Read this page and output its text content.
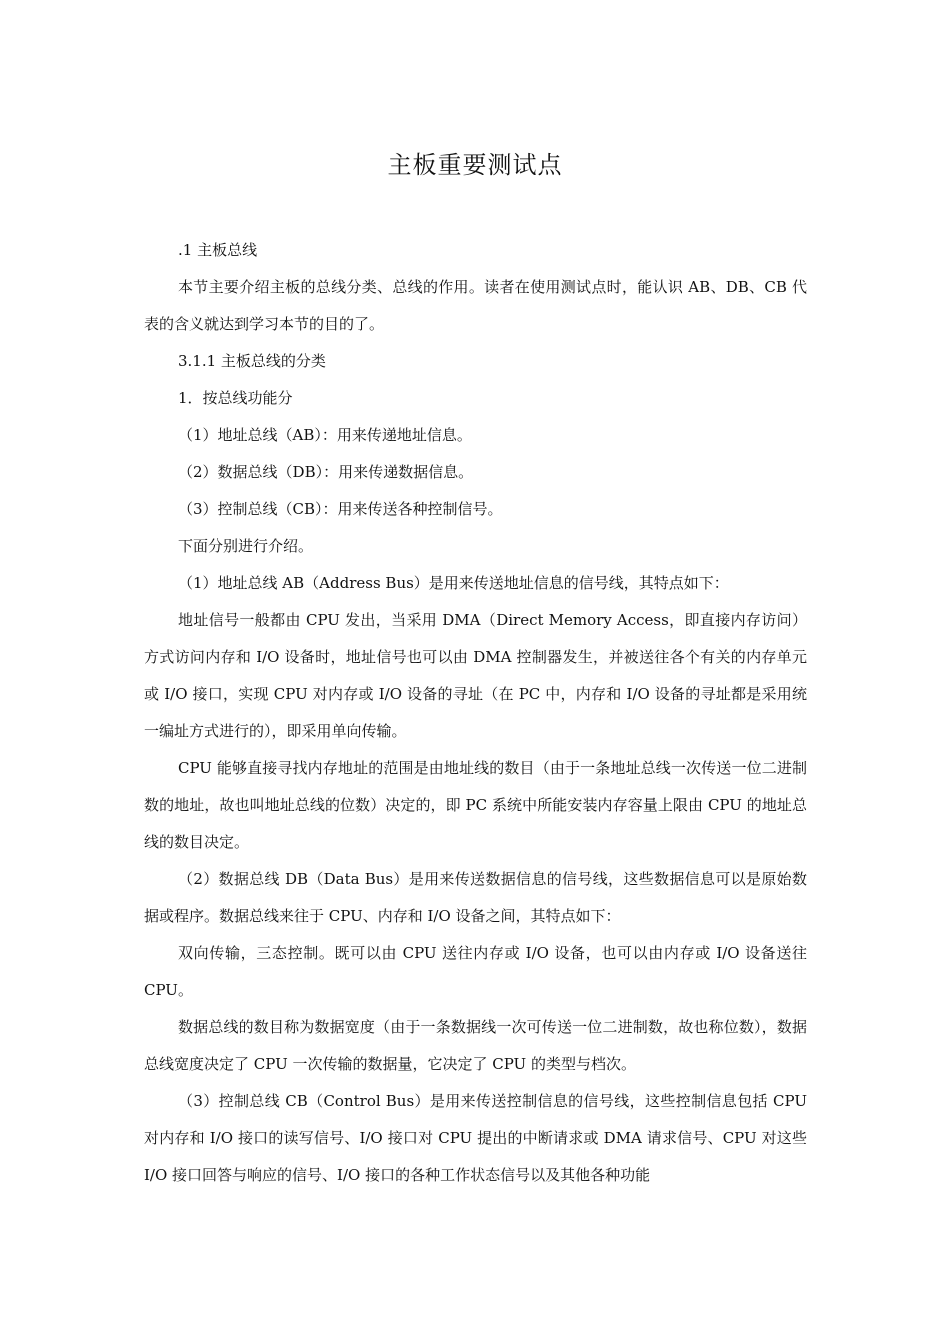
主板重要测试点

.1 主板总线

本节主要介绍主板的总线分类、总线的作用。读者在使用测试点时，能认识 AB、DB、CB 代表的含义就达到学习本节的目的了。

3.1.1 主板总线的分类

1．按总线功能分

（1）地址总线（AB）：用来传递地址信息。

（2）数据总线（DB）：用来传递数据信息。

（3）控制总线（CB）：用来传送各种控制信号。

下面分别进行介绍。

（1）地址总线 AB（Address Bus）是用来传送地址信息的信号线，其特点如下：

地址信号一般都由 CPU 发出，当采用 DMA（Direct Memory Access，即直接内存访问）方式访问内存和 I/O 设备时，地址信号也可以由 DMA 控制器发生，并被送往各个有关的内存单元或 I/O 接口，实现 CPU 对内存或 I/O 设备的寻址（在 PC 中，内存和 I/O 设备的寻址都是采用统一编址方式进行的），即采用单向传输。

CPU 能够直接寻找内存地址的范围是由地址线的数目（由于一条地址总线一次传送一位二进制数的地址，故也叫地址总线的位数）决定的，即 PC 系统中所能安装内存容量上限由 CPU 的地址总线的数目决定。

（2）数据总线 DB（Data Bus）是用来传送数据信息的信号线，这些数据信息可以是原始数据或程序。数据总线来往于 CPU、内存和 I/O 设备之间，其特点如下：

双向传输，三态控制。既可以由 CPU 送往内存或 I/O 设备，也可以由内存或 I/O 设备送往 CPU。

数据总线的数目称为数据宽度（由于一条数据线一次可传送一位二进制数，故也称位数），数据总线宽度决定了 CPU 一次传输的数据量，它决定了 CPU 的类型与档次。

（3）控制总线 CB（Control Bus）是用来传送控制信息的信号线，这些控制信息包括 CPU 对内存和 I/O 接口的读写信号、I/O 接口对 CPU 提出的中断请求或 DMA 请求信号、CPU 对这些 I/O 接口回答与响应的信号、I/O 接口的各种工作状态信号以及其他各种功能
